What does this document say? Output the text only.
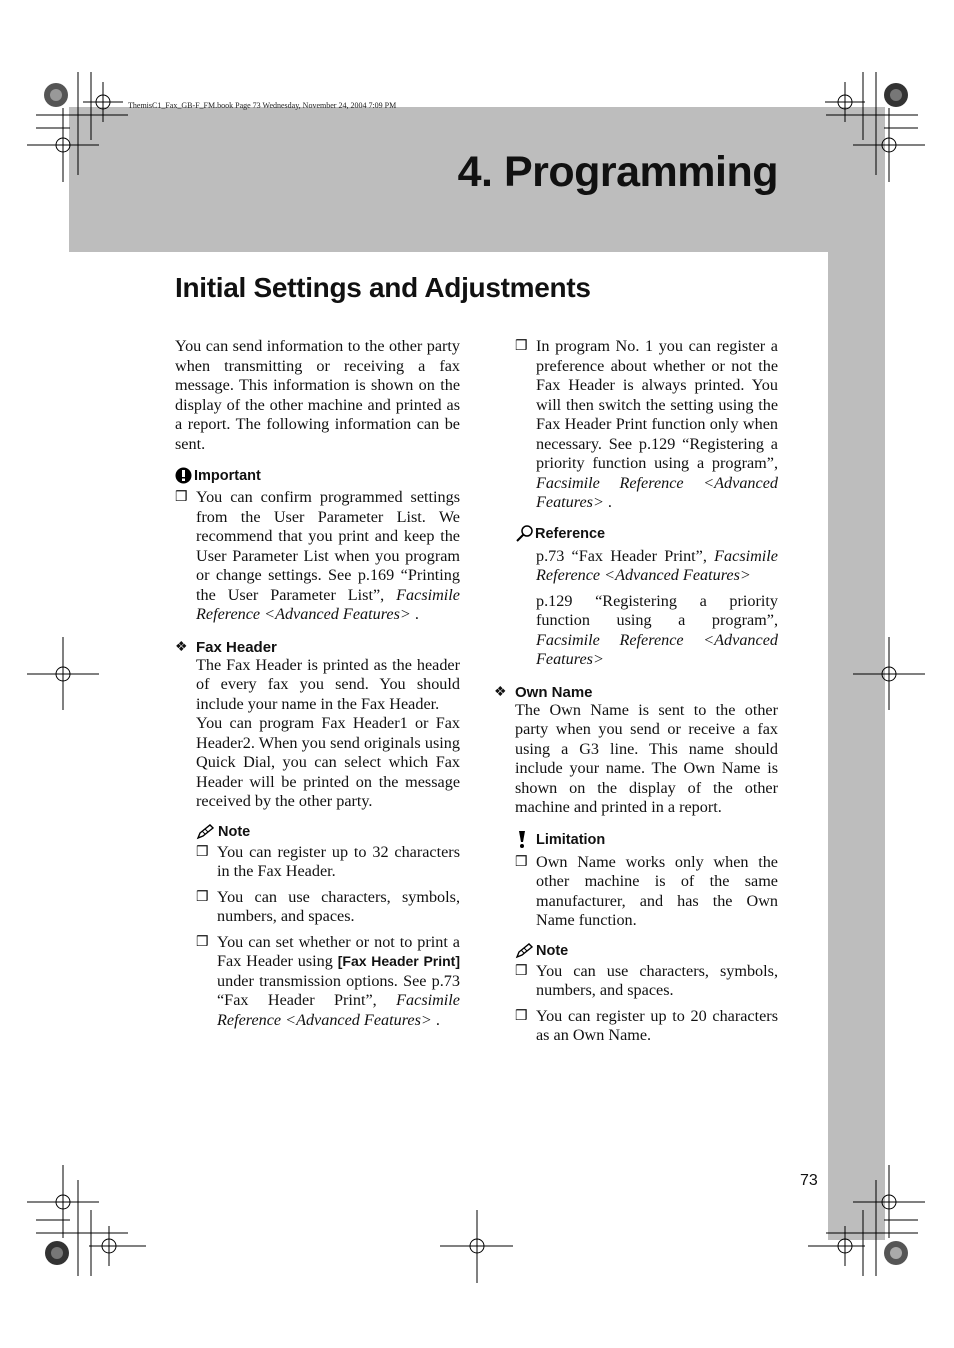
ThemisC1_Fax_GB-F_FM.book Page 73 Wednesday, November 24, 2004 7:09 PM
4. Programming
Initial Settings and Adjustments
You can send information to the other party when transmitting or receiving a fax message. This information is shown on the display of the other machine and printed as a report. The following information can be sent.
Important
❒ You can confirm programmed settings from the User Parameter List. We recommend that you print and keep the User Parameter List when you program or change settings. See p.169 “Printing the User Parameter List”, Facsimile Reference <Advanced Features> .
❖ Fax Header
The Fax Header is printed as the header of every fax you send. You should include your name in the Fax Header.
You can program Fax Header1 or Fax Header2. When you send originals using Quick Dial, you can select which Fax Header will be printed on the message received by the other party.
Note
❒ You can register up to 32 characters in the Fax Header.
❒ You can use characters, symbols, numbers, and spaces.
❒ You can set whether or not to print a Fax Header using [Fax Header Print] under transmission options. See p.73 “Fax Header Print”, Facsimile Reference <Advanced Features> .
❒ In program No. 1 you can register a preference about whether or not the Fax Header is always printed. You will then switch the setting using the Fax Header Print function only when necessary. See p.129 “Registering a priority function using a program”, Facsimile Reference <Advanced Features> .
Reference
p.73 “Fax Header Print”, Facsimile Reference <Advanced Features>
p.129 “Registering a priority function using a program”, Facsimile Reference <Advanced Features>
❖ Own Name
The Own Name is sent to the other party when you send or receive a fax using a G3 line. This name should include your name. The Own Name is shown on the display of the other machine and printed in a report.
Limitation
❒ Own Name works only when the other machine is of the same manufacturer, and has the Own Name function.
Note
❒ You can use characters, symbols, numbers, and spaces.
❒ You can register up to 20 characters as an Own Name.
73
